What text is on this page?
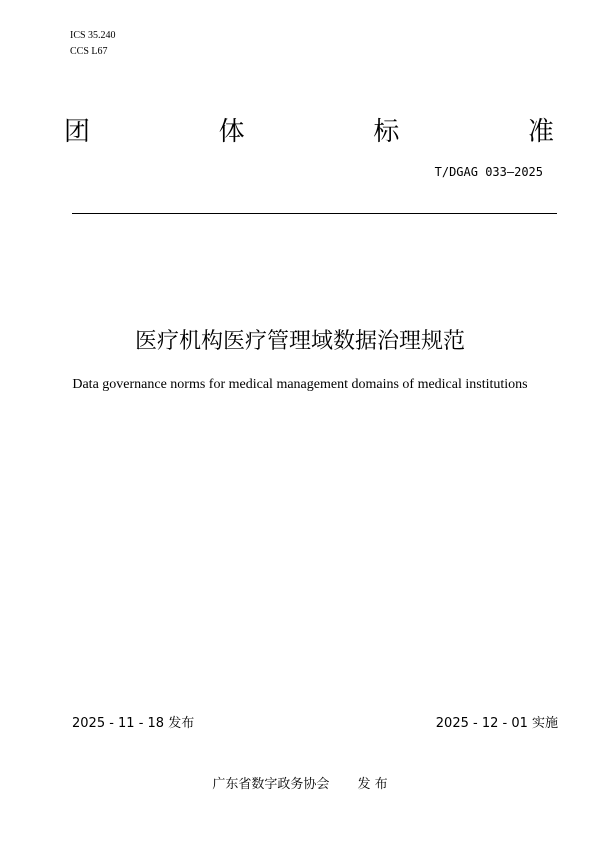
ICS 35.240
CCS L67
团	体	标	准
T/DGAG 033—2025
医疗机构医疗管理域数据治理规范
Data governance norms for medical management domains of medical institutions
2025 - 11 - 18 发布	2025 - 12 - 01 实施
广东省数字政务协会 发 布
